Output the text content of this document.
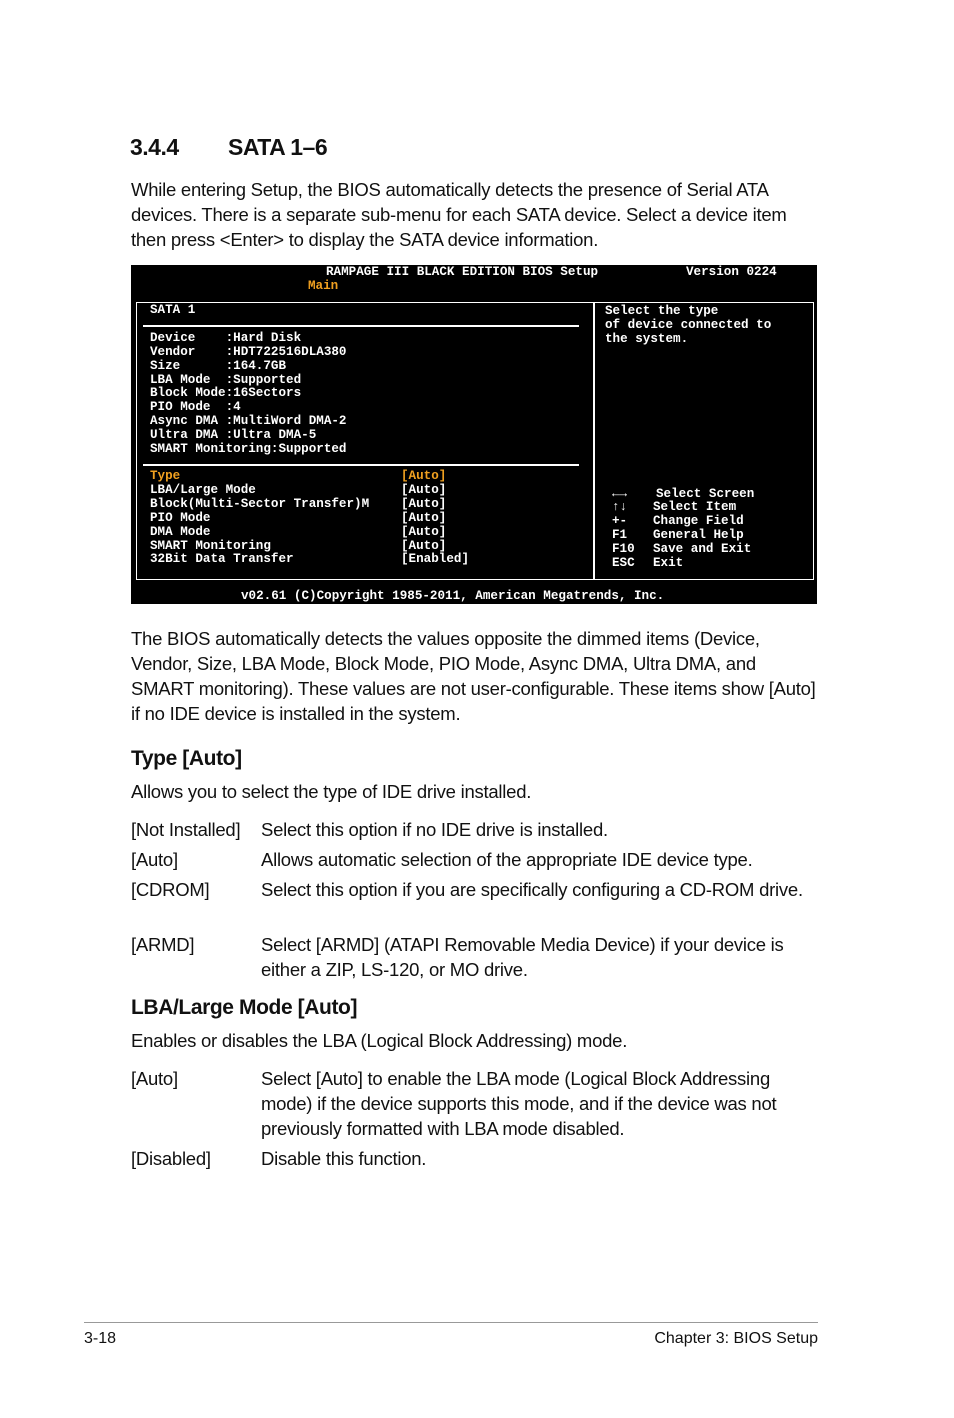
3.4.4 SATA 1–6

While entering Setup, the BIOS automatically detects the presence of Serial ATA devices. There is a separate sub-menu for each SATA device. Select a device item then press <Enter> to display the SATA device information.

RAMPAGE III BLACK EDITION BIOS Setup	Version 0224
Main
SATA 1
Device    :Hard Disk
Vendor    :HDT722516DLA380
Size      :164.7GB
LBA Mode  :Supported
Block Mode:16Sectors
PIO Mode  :4
Async DMA :MultiWord DMA-2
Ultra DMA :Ultra DMA-5
SMART Monitoring:Supported
Type	[Auto]
LBA/Large Mode	[Auto]
Block(Multi-Sector Transfer)M	[Auto]
PIO Mode	[Auto]
DMA Mode	[Auto]
SMART Monitoring	[Auto]
32Bit Data Transfer	[Enabled]
Select the type
of device connected to
the system.
←→ Select Screen
↑↓ Select Item
+- Change Field
F1 General Help
F10 Save and Exit
ESC Exit
v02.61 (C)Copyright 1985-2011, American Megatrends, Inc.

The BIOS automatically detects the values opposite the dimmed items (Device, Vendor, Size, LBA Mode, Block Mode, PIO Mode, Async DMA, Ultra DMA, and SMART monitoring). These values are not user-configurable. These items show [Auto] if no IDE device is installed in the system.

Type [Auto]
Allows you to select the type of IDE drive installed.
[Not Installed] Select this option if no IDE drive is installed.
[Auto]	Allows automatic selection of the appropriate IDE device type.
[CDROM]	Select this option if you are specifically configuring a CD-ROM drive.
[ARMD]	Select [ARMD] (ATAPI Removable Media Device) if your device is either a ZIP, LS-120, or MO drive.
LBA/Large Mode [Auto]
Enables or disables the LBA (Logical Block Addressing) mode.
[Auto]	Select [Auto] to enable the LBA mode (Logical Block Addressing mode) if the device supports this mode, and if the device was not previously formatted with LBA mode disabled.
[Disabled]	Disable this function.
3-18	Chapter 3: BIOS Setup
